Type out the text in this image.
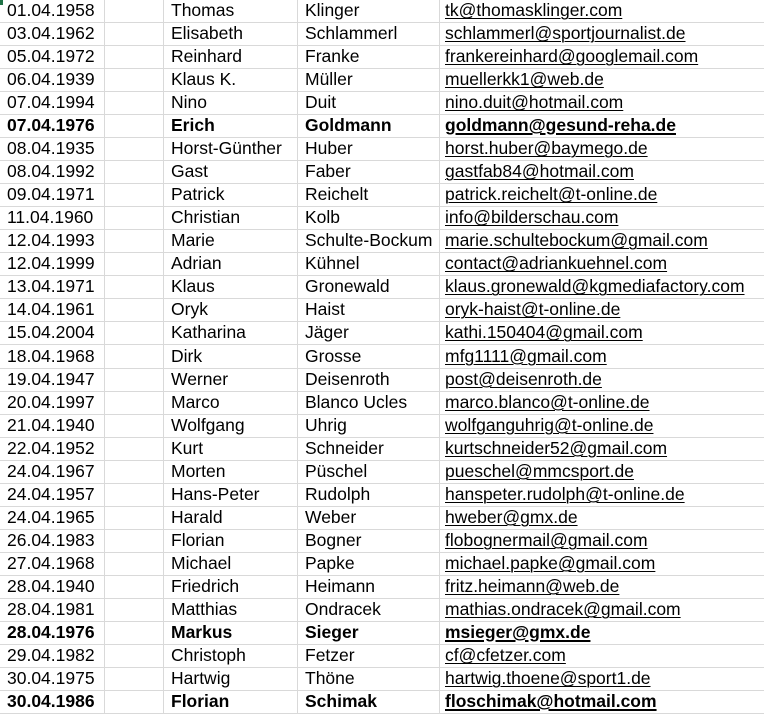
01.04.1958	Thomas	Klinger	tk@thomasklinger.com
03.04.1962	Elisabeth	Schlammerl	schlammerl@sportjournalist.de
05.04.1972	Reinhard	Franke	frankereinhard@googlemail.com
06.04.1939	Klaus K.	Müller	muellerkk1@web.de
07.04.1994	Nino	Duit	nino.duit@hotmail.com
07.04.1976	Erich	Goldmann	goldmann@gesund-reha.de
08.04.1935	Horst-Günther	Huber	horst.huber@baymego.de
08.04.1992	Gast	Faber	gastfab84@hotmail.com
09.04.1971	Patrick	Reichelt	patrick.reichelt@t-online.de
11.04.1960	Christian	Kolb	info@bilderschau.com
12.04.1993	Marie	Schulte-Bockum marie.schultebockum@gmail.com
12.04.1999	Adrian	Kühnel	contact@adriankuehnel.com
13.04.1971	Klaus	Gronewald	klaus.gronewald@kgmediafactory.com
14.04.1961	Oryk	Haist	oryk-haist@t-online.de
15.04.2004	Katharina	Jäger	kathi.150404@gmail.com
18.04.1968	Dirk	Grosse	mfg1111@gmail.com
19.04.1947	Werner	Deisenroth	post@deisenroth.de
20.04.1997	Marco	Blanco Ucles	marco.blanco@t-online.de
21.04.1940	Wolfgang	Uhrig	wolfganguhrig@t-online.de
22.04.1952	Kurt	Schneider	kurtschneider52@gmail.com
24.04.1967	Morten	Püschel	pueschel@mmcsport.de
24.04.1957	Hans-Peter	Rudolph	hanspeter.rudolph@t-online.de
24.04.1965	Harald	Weber	hweber@gmx.de
26.04.1983	Florian	Bogner	flobognermail@gmail.com
27.04.1968	Michael	Papke	michael.papke@gmail.com
28.04.1940	Friedrich	Heimann	fritz.heimann@web.de
28.04.1981	Matthias	Ondracek	mathias.ondracek@gmail.com
28.04.1976	Markus	Sieger	msieger@gmx.de
29.04.1982	Christoph	Fetzer	cf@cfetzer.com
30.04.1975	Hartwig	Thöne	hartwig.thoene@sport1.de
30.04.1986	Florian	Schimak	floschimak@hotmail.com
